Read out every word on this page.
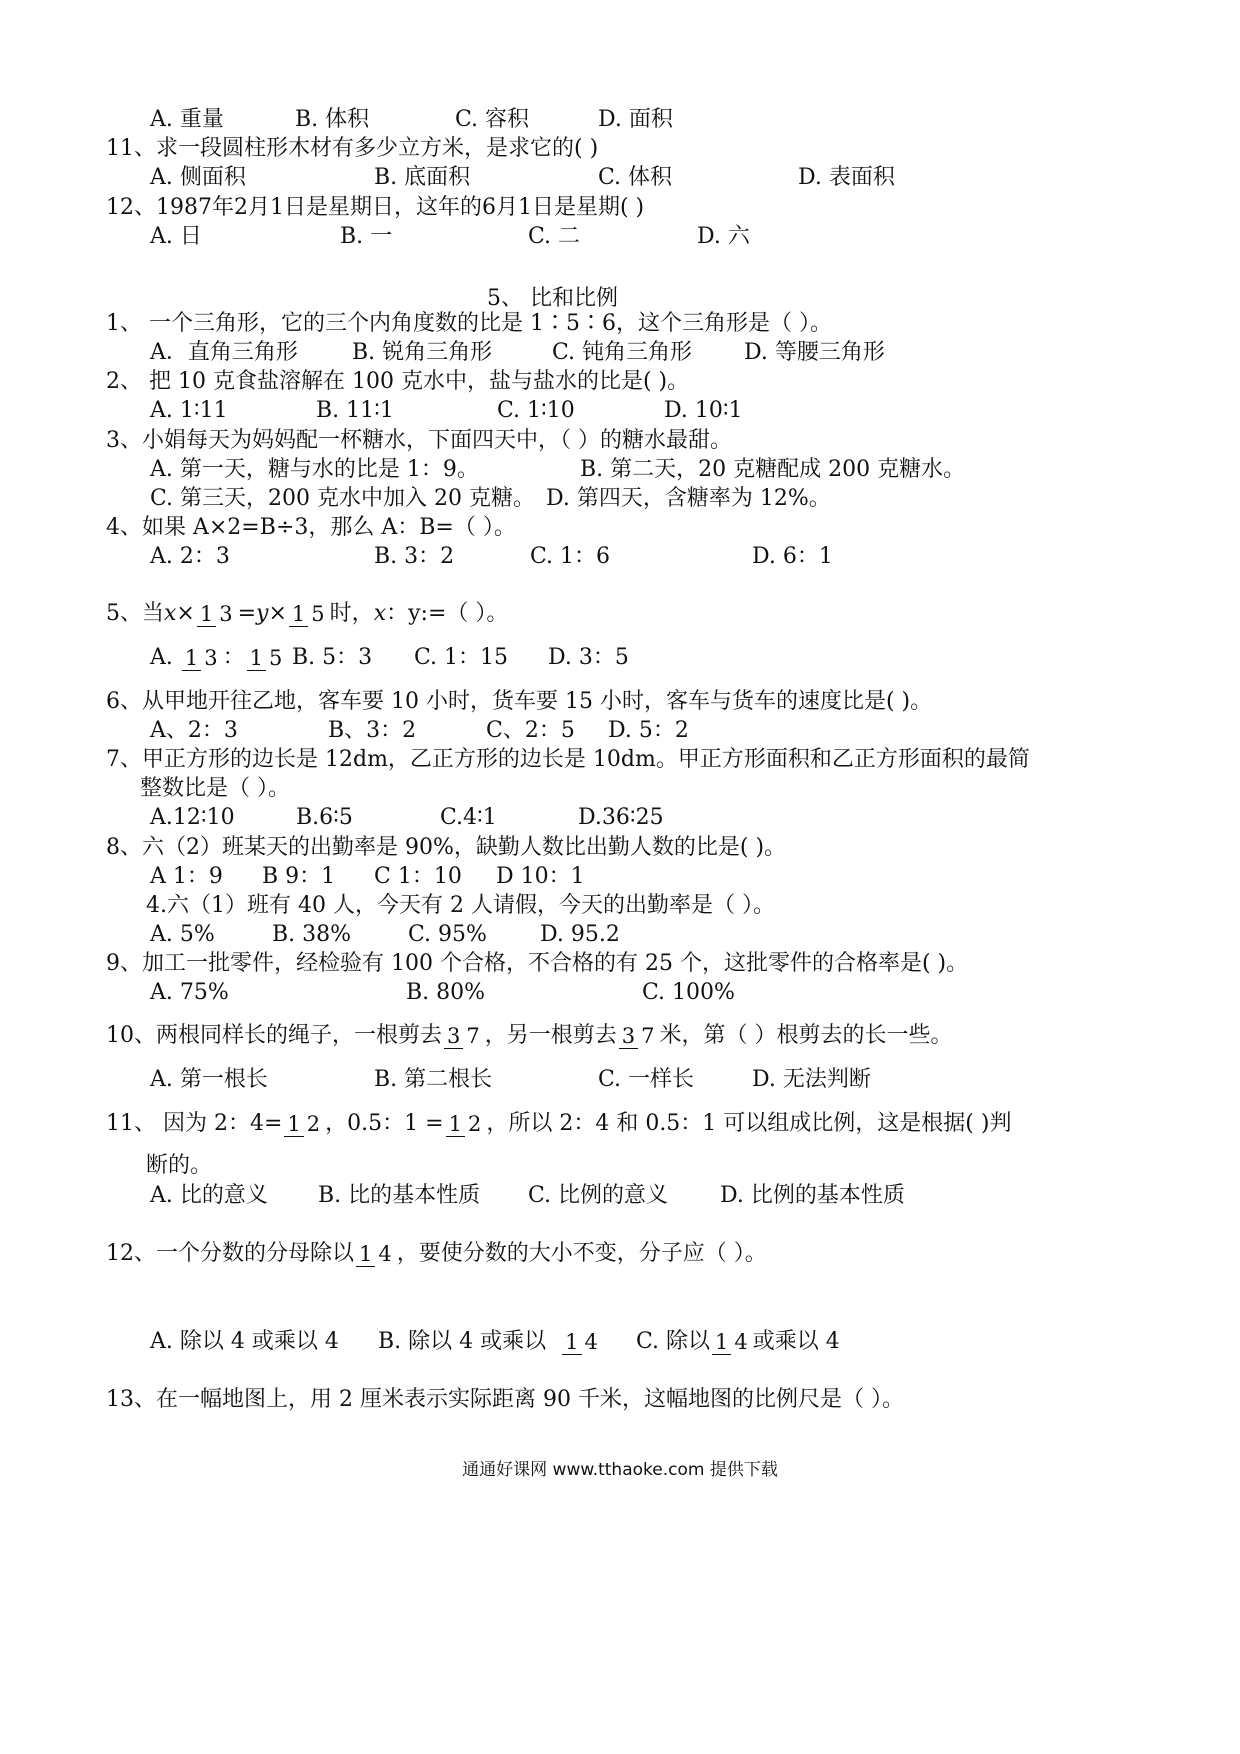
A. 重量	B. 体积	C. 容积	D. 面积
11、求一段圆柱形木材有多少立方米，是求它的( )
A. 侧面积	B. 底面积	C. 体积	D. 表面积
12、1987年2月1日是星期日，这年的6月1日是星期( )
A. 日	B. 一	C. 二	D. 六
5、 比和比例
1、 一个三角形，它的三个内角度数的比是 1∶5∶6，这个三角形是（ ）。
A．直角三角形 B. 锐角三角形	C. 钝角三角形 D. 等腰三角形
2、 把 10 克食盐溶解在 100 克水中，盐与盐水的比是( )。
A. 1∶11	B. 11∶1	C. 1∶10	D. 10∶1
3、小娟每天为妈妈配一杯糖水，下面四天中，（ ）的糖水最甜。
A. 第一天，糖与水的比是 1：9。	B. 第二天，20 克糖配成 200 克糖水。
C. 第三天，200 克水中加入 20 克糖。 D. 第四天，含糖率为 12%。
4、如果 A×2=B÷3，那么 A：B=（ ）。
A. 2：3	B. 3：2	C. 1：6	D. 6：1
5、当x× 1 3 =y× 1 5 时，x：y:=（ ）。
A. 1 3 ： 1 5 B. 5：3 C. 1：15 D. 3：5
6、从甲地开往乙地，客车要 10 小时，货车要 15 小时，客车与货车的速度比是( )。
A、2：3	B、3：2	C、2：5 D. 5：2
7、甲正方形的边长是 12dm，乙正方形的边长是 10dm。甲正方形面积和乙正方形面积的最简
整数比是（ ）。
A.12∶10	B.6∶5	C.4∶1	D.36∶25
8、六（2）班某天的出勤率是 90%，缺勤人数比出勤人数的比是( )。
A 1：9 B 9：1 C 1：10 D 10：1
4.六（1）班有 40 人，今天有 2 人请假，今天的出勤率是（ ）。
A. 5%	B. 38%	C. 95% D. 95.2
9、加工一批零件，经检验有 100 个合格，不合格的有 25 个，这批零件的合格率是( )。
A. 75%	B. 80%	C. 100%
10、两根同样长的绳子，一根剪去 3 7 ，另一根剪去 3 7 米，第（ ）根剪去的长一些。
A. 第一根长	B. 第二根长	C. 一样长	D. 无法判断
11、 因为 2：4= 1 2 ，0.5：1 = 1 2 ，所以 2：4 和 0.5：1 可以组成比例，这是根据( )判
断的。
A. 比的意义 B. 比的基本性质 C. 比例的意义 D. 比例的基本性质
12、一个分数的分母除以 1 4 ，要使分数的大小不变，分子应（ ）。
A. 除以 4 或乘以 4 B. 除以 4 或乘以 1 4 C. 除以 1 4 或乘以 4
13、在一幅地图上，用 2 厘米表示实际距离 90 千米，这幅地图的比例尺是（ ）。
通通好课网 www.tthaoke.com 提供下载
